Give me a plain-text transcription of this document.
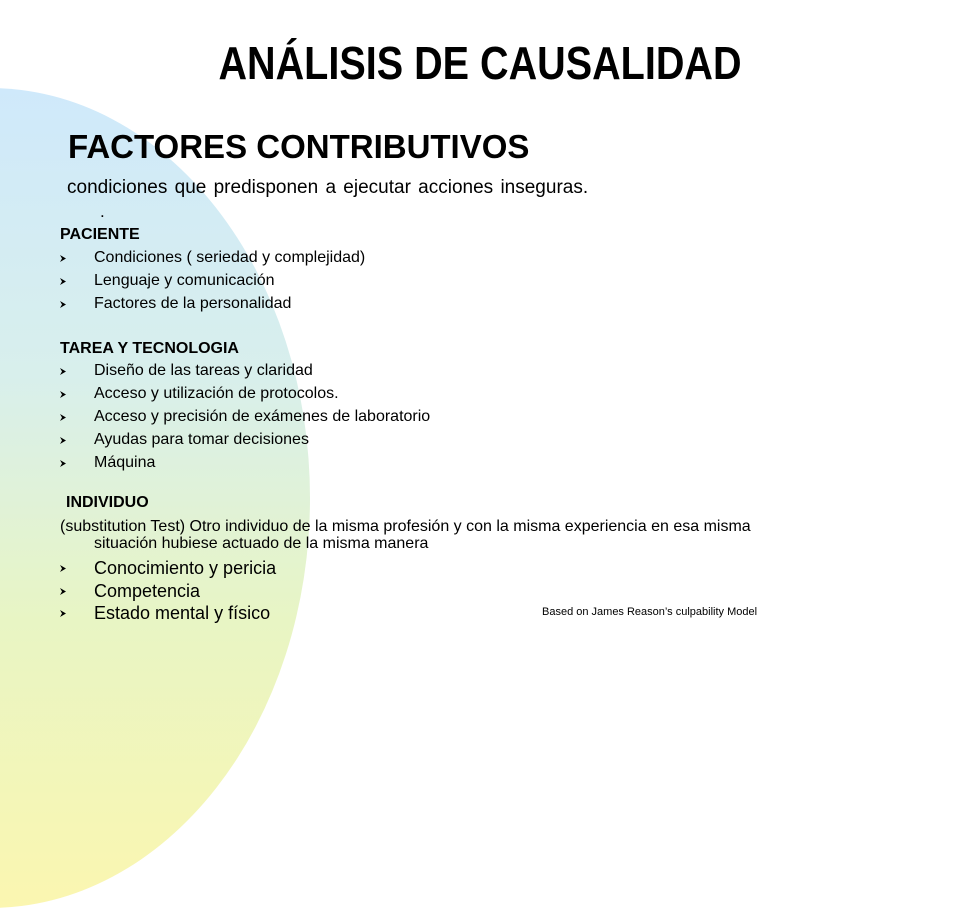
ANÁLISIS DE CAUSALIDAD
FACTORES CONTRIBUTIVOS
condiciones que predisponen a ejecutar acciones inseguras.
.
PACIENTE
Condiciones ( seriedad y complejidad)
Lenguaje y comunicación
Factores de la personalidad
TAREA Y TECNOLOGIA
Diseño de las tareas y claridad
Acceso y utilización de protocolos.
Acceso y precisión de exámenes de laboratorio
Ayudas para tomar decisiones
Máquina
INDIVIDUO
(substitution Test) Otro individuo de la misma profesión y con la misma experiencia en esa misma
situación hubiese actuado de la misma manera
Conocimiento y pericia
Competencia
Estado mental y físico	Based on James Reason’s culpability Model
